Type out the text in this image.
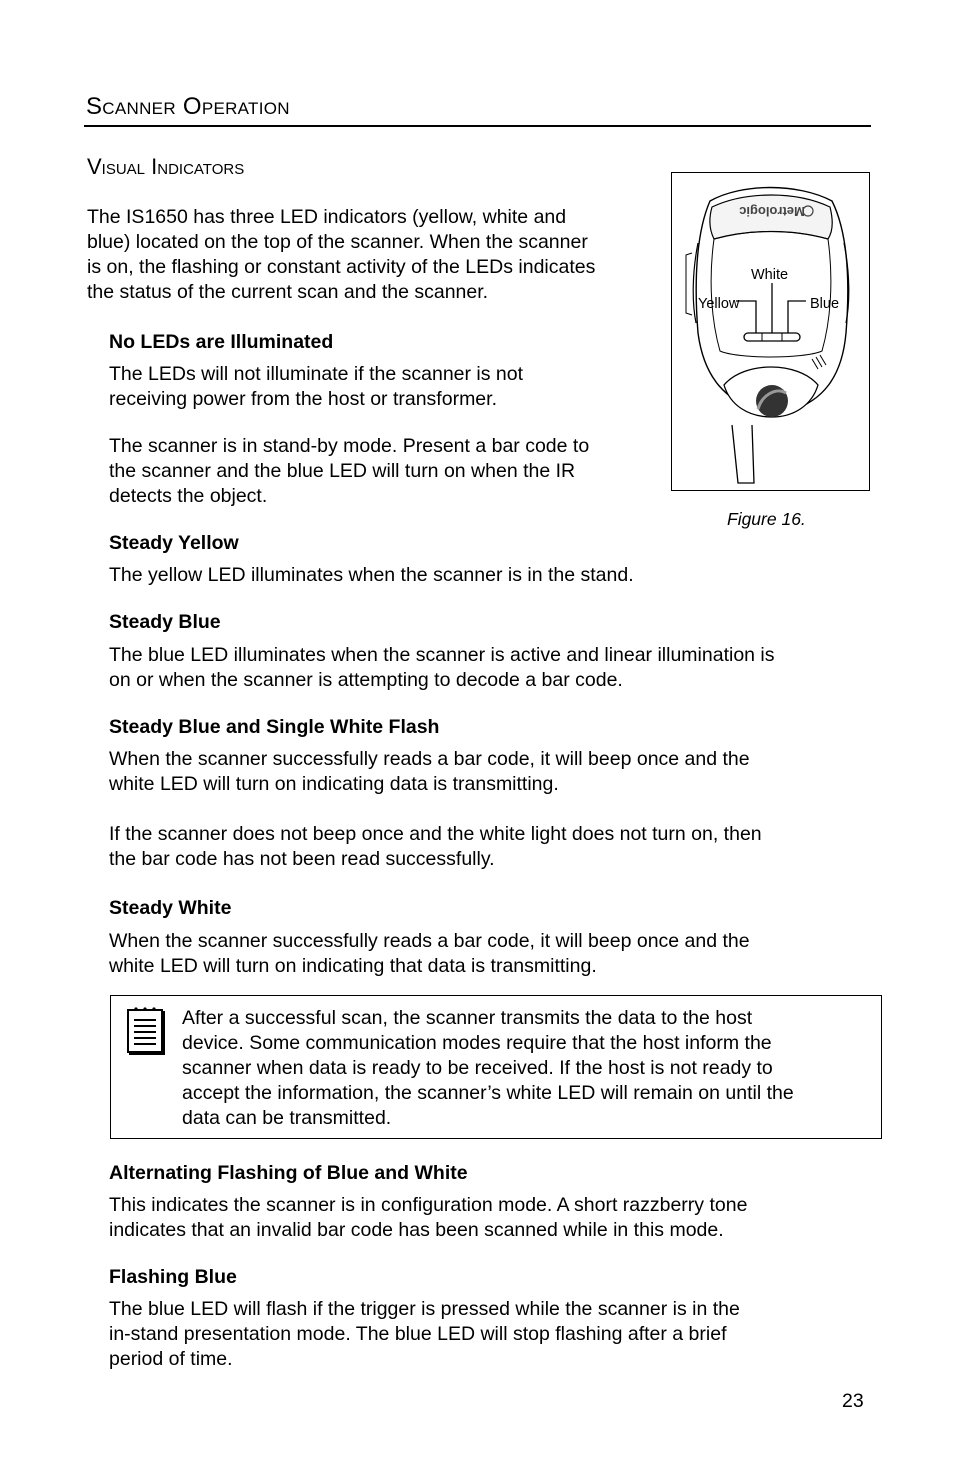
Scanner Operation
Visual Indicators
The IS1650 has three LED indicators (yellow, white and
blue) located on the top of the scanner. When the scanner
is on, the flashing or constant activity of the LEDs indicates
the status of the current scan and the scanner.
Metrologic
White
Yellow	Blue
Figure 16.
No LEDs are Illuminated
The LEDs will not illuminate if the scanner is not
receiving power from the host or transformer.
The scanner is in stand-by mode. Present a bar code to
the scanner and the blue LED will turn on when the IR
detects the object.
Steady Yellow
The yellow LED illuminates when the scanner is in the stand.
Steady Blue
The blue LED illuminates when the scanner is active and linear illumination is
on or when the scanner is attempting to decode a bar code.
Steady Blue and Single White Flash
When the scanner successfully reads a bar code, it will beep once and the
white LED will turn on indicating data is transmitting.
If the scanner does not beep once and the white light does not turn on, then
the bar code has not been read successfully.
Steady White
When the scanner successfully reads a bar code, it will beep once and the
white LED will turn on indicating that data is transmitting.
After a successful scan, the scanner transmits the data to the host
device. Some communication modes require that the host inform the
scanner when data is ready to be received. If the host is not ready to
accept the information, the scanner’s white LED will remain on until the
data can be transmitted.
Alternating Flashing of Blue and White
This indicates the scanner is in configuration mode. A short razzberry tone
indicates that an invalid bar code has been scanned while in this mode.
Flashing Blue
The blue LED will flash if the trigger is pressed while the scanner is in the
in-stand presentation mode. The blue LED will stop flashing after a brief
period of time.
23
